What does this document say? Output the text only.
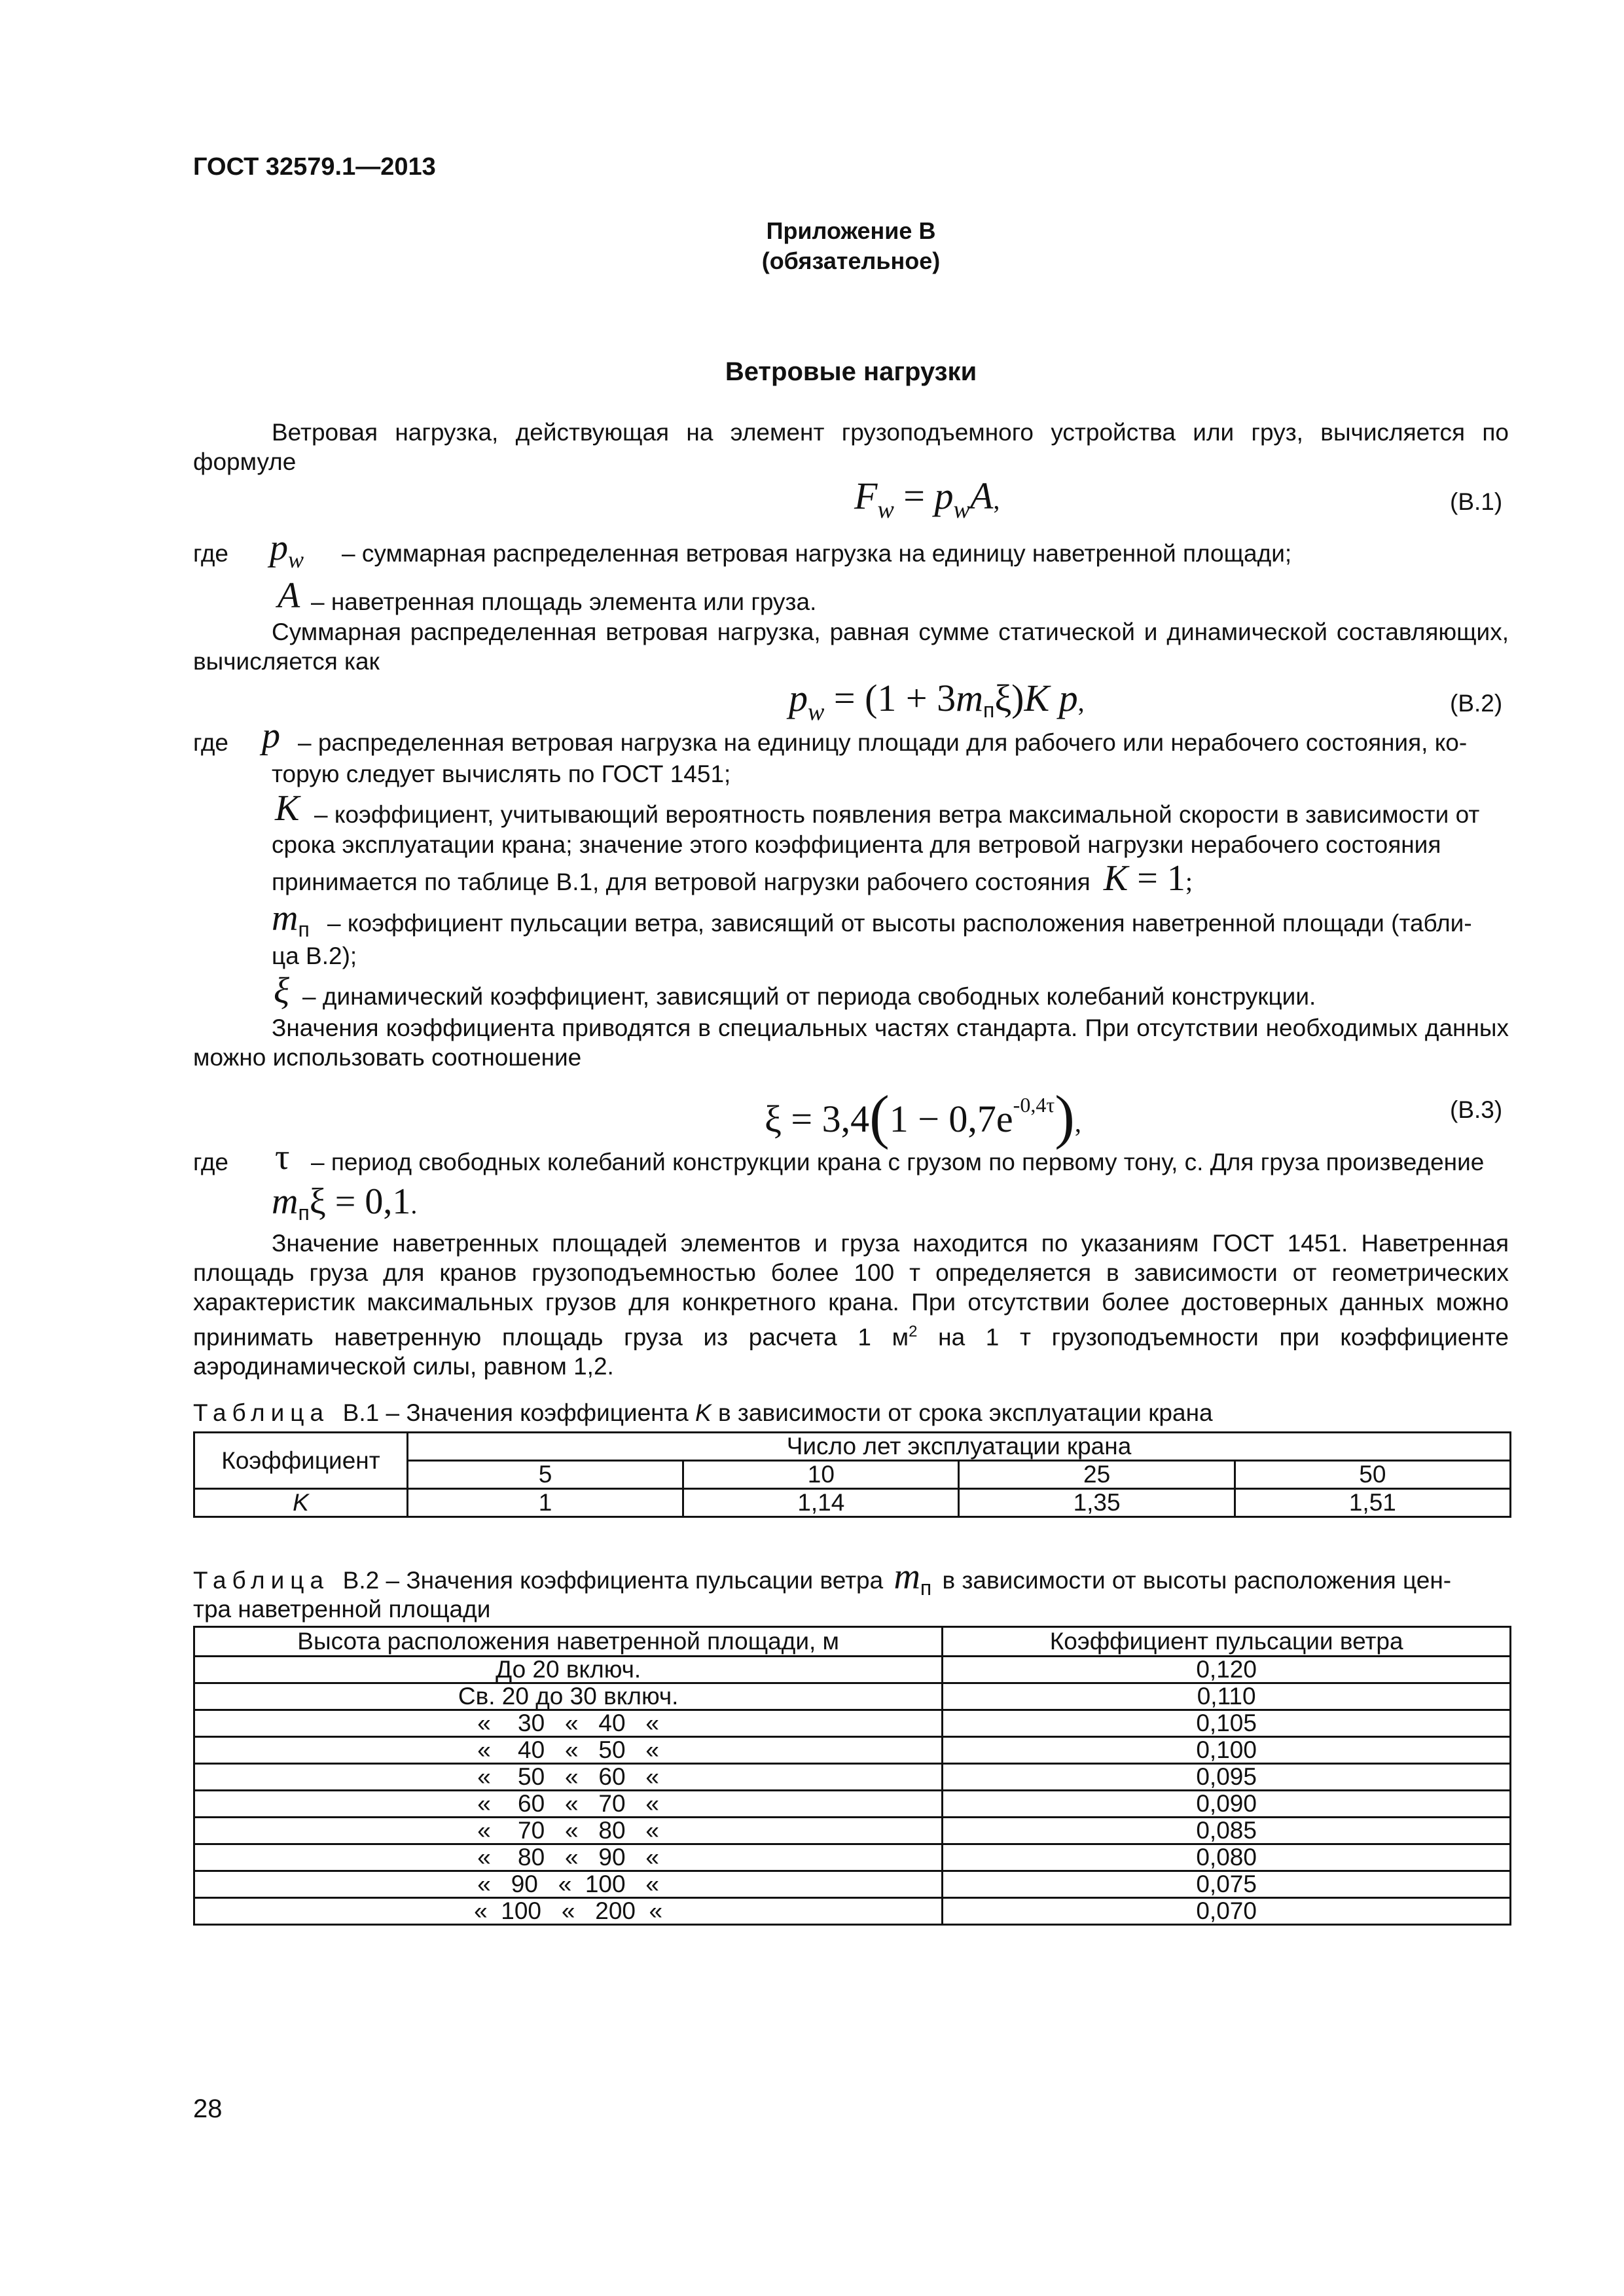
ГОСТ 32579.1—2013
Приложение В
(обязательное)
Ветровые нагрузки
Ветровая нагрузка, действующая на элемент грузоподъемного устройства или груз, вычисляется по формуле
$F_w = p_wA$,	(В.1)
где $p_w$ – суммарная распределенная ветровая нагрузка на единицу наветренной площади;
A – наветренная площадь элемента или груза.
Суммарная распределенная ветровая нагрузка, равная сумме статической и динамической составляющих, вычисляется как
$p_w = (1 + 3m_п\xi)K$ p,	(В.2)
где p – распределенная ветровая нагрузка на единицу площади для рабочего или нерабочего состояния, ко-
торую следует вычислять по ГОСТ 1451;
K – коэффициент, учитывающий вероятность появления ветра максимальной скорости в зависимости от
срока эксплуатации крана; значение этого коэффициента для ветровой нагрузки нерабочего состояния
принимается по таблице В.1, для ветровой нагрузки рабочего состояния K = 1;
$m_п$ – коэффициент пульсации ветра, зависящий от высоты расположения наветренной площади (табли-
ца В.2);
ξ – динамический коэффициент, зависящий от периода свободных колебаний конструкции.
Значения коэффициента приводятся в специальных частях стандарта. При отсутствии необходимых данных можно использовать соотношение
$\xi = 3,4(1 - 0,7e^{-0,4\tau})$,	(В.3)
где τ – период свободных колебаний конструкции крана с грузом по первому тону, с. Для груза произведение
$m_п\xi = 0,1$.
Значение наветренных площадей элементов и груза находится по указаниям ГОСТ 1451. Наветренная площадь груза для кранов грузоподъемностью более 100 т определяется в зависимости от геометрических характеристик максимальных грузов для конкретного крана. При отсутствии более достоверных данных можно принимать наветренную площадь груза из расчета 1 $м^2$ на 1 т грузоподъемности при коэффициенте аэродинамической силы, равном 1,2.
Таблица В.1 – Значения коэффициента K в зависимости от срока эксплуатации крана
Коэффициент	Число лет эксплуатации крана			
	5	10	25	50
K	1	1,14	1,35	1,51
Таблица В.2 – Значения коэффициента пульсации ветра $m_п$ в зависимости от высоты расположения цен-
тра наветренной площади
Высота расположения наветренной площади, м	Коэффициент пульсации ветра
До 20 включ.	0,120
Св. 20 до 30 включ.	0,110
«    30   «   40   «	0,105
«    40   «   50   «	0,100
«    50   «   60   «	0,095
«    60   «   70   «	0,090
«    70   «   80   «	0,085
«    80   «   90   «	0,080
«   90   «  100   «	0,075
«  100   «   200  «	0,070
28
